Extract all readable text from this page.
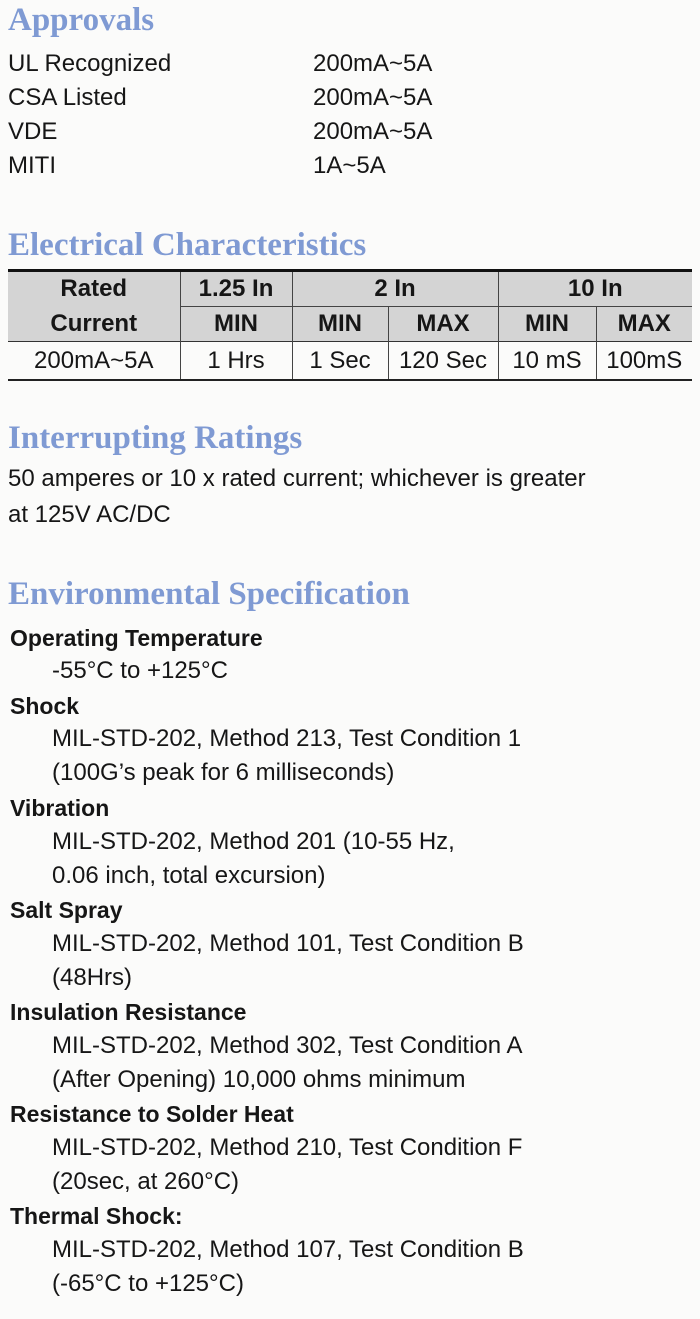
Approvals
UL Recognized	200mA~5A
CSA Listed	200mA~5A
VDE	200mA~5A
MITI	1A~5A
Electrical Characteristics
Rated	1.25 In	2 In		10 In	
Current	MIN	MIN	MAX	MIN	MAX
200mA~5A	1 Hrs	1 Sec	120 Sec	10 mS	100mS
Interrupting Ratings

50 amperes or 10 x rated current; whichever is greater

at 125V AC/DC

Environmental Specification

Operating Temperature

-55°C to +125°C

Shock

MIL-STD-202, Method 213, Test Condition 1
(100G’s peak for 6 milliseconds)

Vibration

MIL-STD-202, Method 201 (10-55 Hz,
0.06 inch, total excursion)

Salt Spray

MIL-STD-202, Method 101, Test Condition B
(48Hrs)

Insulation Resistance

MIL-STD-202, Method 302, Test Condition A
(After Opening) 10,000 ohms minimum

Resistance to Solder Heat

MIL-STD-202, Method 210, Test Condition F
(20sec, at 260°C)

Thermal Shock:

MIL-STD-202, Method 107, Test Condition B
(-65°C to +125°C)
